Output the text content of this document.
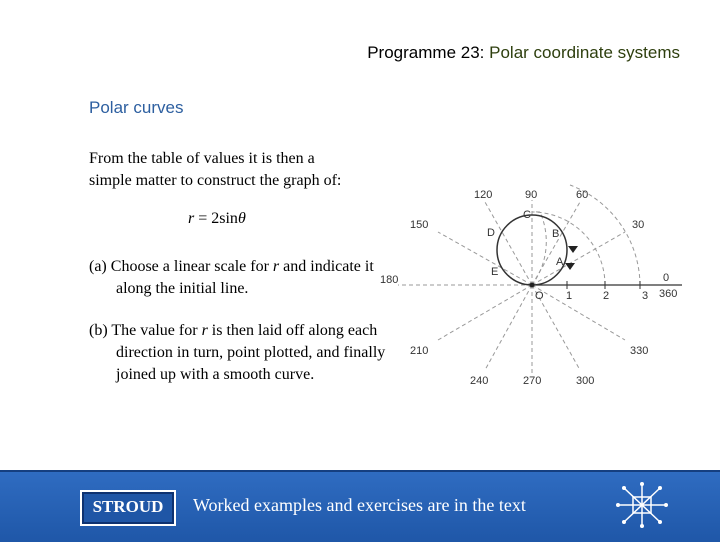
Programme 23: Polar coordinate systems
Polar curves
From the table of values it is then a simple matter to construct the graph of:
r = 2sinθ
(a) Choose a linear scale for r and indicate it along the initial line.
(b) The value for r is then laid off along each direction in turn, point plotted, and finally joined up with a smooth curve.
0
30
60
90
120
150
180
210
240	270	300
330
360
A
B
C
D
E
O 1	2	3
STROUD	Worked examples and exercises are in the text
